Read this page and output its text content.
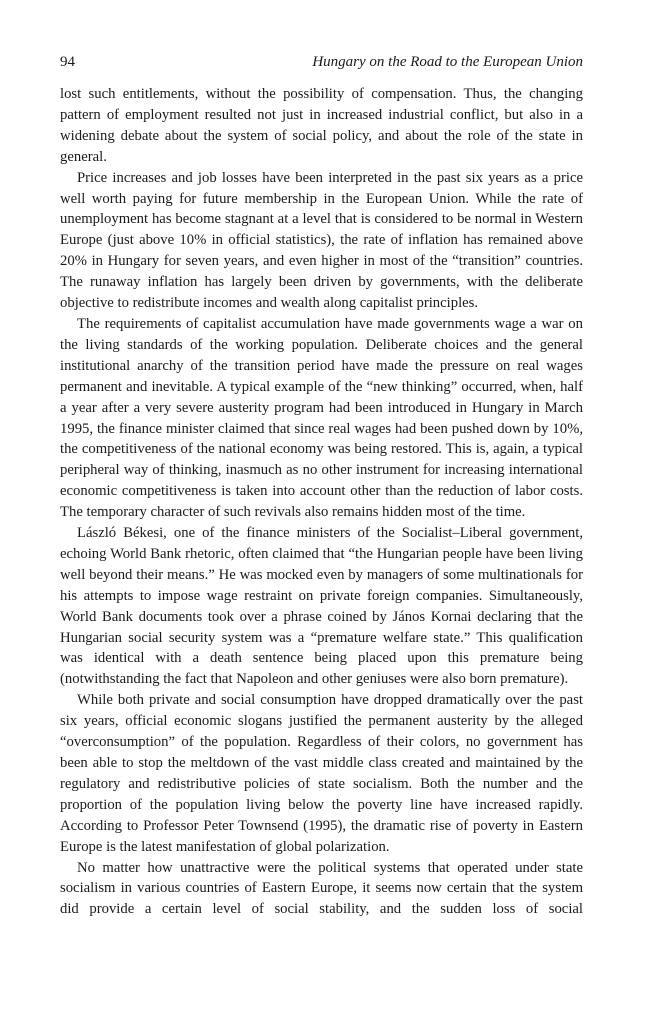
94	Hungary on the Road to the European Union

lost such entitlements, without the possibility of compensation. Thus, the changing pattern of employment resulted not just in increased industrial conflict, but also in a widening debate about the system of social policy, and about the role of the state in general.

Price increases and job losses have been interpreted in the past six years as a price well worth paying for future membership in the European Union. While the rate of unemployment has become stagnant at a level that is considered to be normal in Western Europe (just above 10% in official statistics), the rate of inflation has remained above 20% in Hungary for seven years, and even higher in most of the “transition” countries. The runaway inflation has largely been driven by governments, with the deliberate objective to redistribute incomes and wealth along capitalist principles.

The requirements of capitalist accumulation have made governments wage a war on the living standards of the working population. Deliberate choices and the general institutional anarchy of the transition period have made the pressure on real wages permanent and inevitable. A typical example of the “new thinking” occurred, when, half a year after a very severe austerity program had been introduced in Hungary in March 1995, the finance minister claimed that since real wages had been pushed down by 10%, the competitiveness of the national economy was being restored. This is, again, a typical peripheral way of thinking, inasmuch as no other instrument for increasing international economic competitiveness is taken into account other than the reduction of labor costs. The temporary character of such revivals also remains hidden most of the time.

László Békesi, one of the finance ministers of the Socialist–Liberal government, echoing World Bank rhetoric, often claimed that “the Hungarian people have been living well beyond their means.” He was mocked even by managers of some multinationals for his attempts to impose wage restraint on private foreign companies. Simultaneously, World Bank documents took over a phrase coined by János Kornai declaring that the Hungarian social security system was a “premature welfare state.” This qualification was identical with a death sentence being placed upon this premature being (notwithstanding the fact that Napoleon and other geniuses were also born premature).

While both private and social consumption have dropped dramatically over the past six years, official economic slogans justified the permanent austerity by the alleged “overconsumption” of the population. Regardless of their colors, no government has been able to stop the meltdown of the vast middle class created and maintained by the regulatory and redistributive policies of state socialism. Both the number and the proportion of the population living below the poverty line have increased rapidly. According to Professor Peter Townsend (1995), the dramatic rise of poverty in Eastern Europe is the latest manifestation of global polarization.

No matter how unattractive were the political systems that operated under state socialism in various countries of Eastern Europe, it seems now certain that the system did provide a certain level of social stability, and the sudden loss of social
